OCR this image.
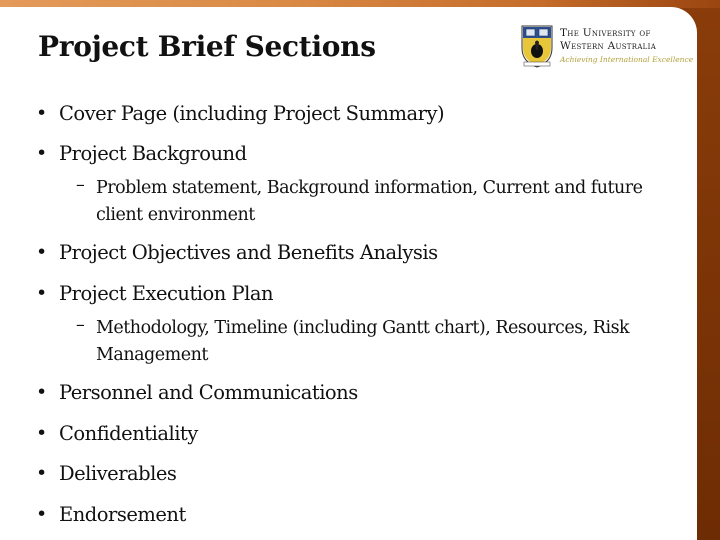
Project Brief Sections	The University of
Western Australia
Achieving International Excellence
• Cover Page (including Project Summary)
• Project Background
– Problem statement, Background information, Current and future client environment
• Project Objectives and Benefits Analysis
• Project Execution Plan
– Methodology, Timeline (including Gantt chart), Resources, Risk Management
• Personnel and Communications
• Confidentiality
• Deliverables
• Endorsement
